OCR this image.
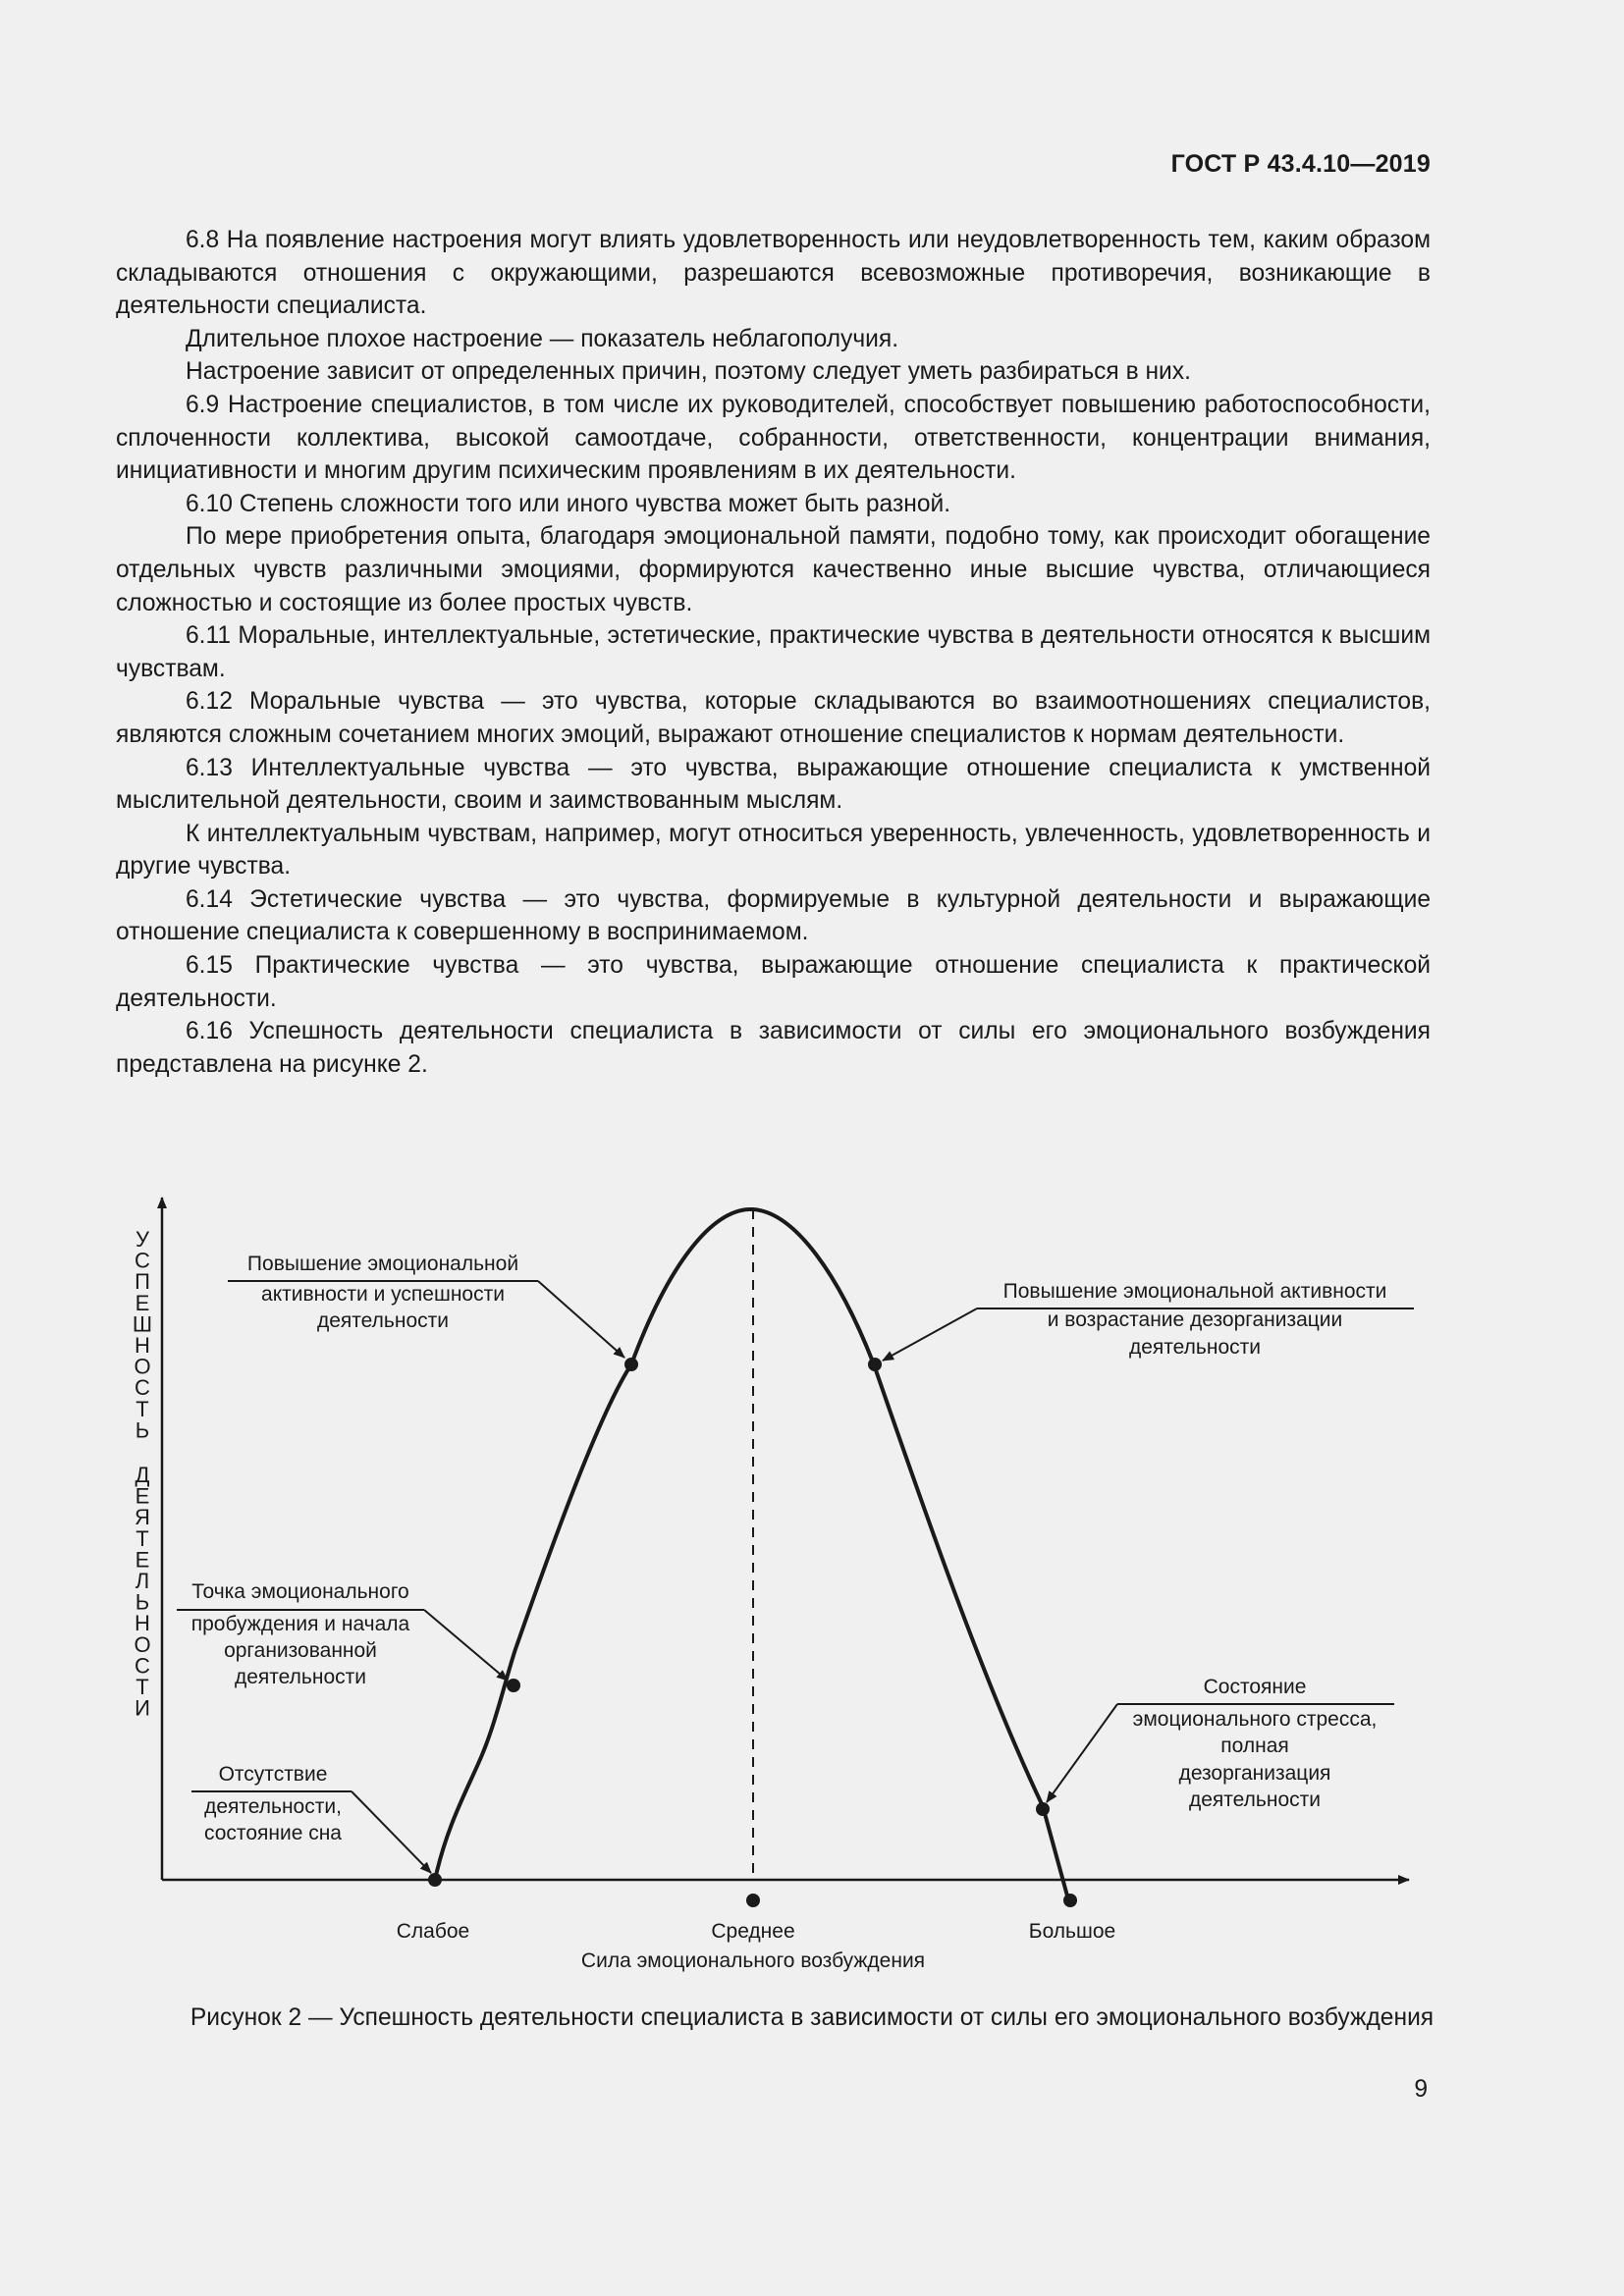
ГОСТ Р 43.4.10—2019

6.8 На появление настроения могут влиять удовлетворенность или неудовлетворенность тем, каким образом складываются отношения с окружающими, разрешаются всевозможные противоречия, возникающие в деятельности специалиста.

Длительное плохое настроение — показатель неблагополучия.

Настроение зависит от определенных причин, поэтому следует уметь разбираться в них.

6.9 Настроение специалистов, в том числе их руководителей, способствует повышению работоспособности, сплоченности коллектива, высокой самоотдаче, собранности, ответственности, концентрации внимания, инициативности и многим другим психическим проявлениям в их деятельности.

6.10 Степень сложности того или иного чувства может быть разной.

По мере приобретения опыта, благодаря эмоциональной памяти, подобно тому, как происходит обогащение отдельных чувств различными эмоциями, формируются качественно иные высшие чувства, отличающиеся сложностью и состоящие из более простых чувств.

6.11 Моральные, интеллектуальные, эстетические, практические чувства в деятельности относятся к высшим чувствам.

6.12 Моральные чувства — это чувства, которые складываются во взаимоотношениях специалистов, являются сложным сочетанием многих эмоций, выражают отношение специалистов к нормам деятельности.

6.13 Интеллектуальные чувства — это чувства, выражающие отношение специалиста к умственной мыслительной деятельности, своим и заимствованным мыслям.

К интеллектуальным чувствам, например, могут относиться уверенность, увлеченность, удовлетворенность и другие чувства.

6.14 Эстетические чувства — это чувства, формируемые в культурной деятельности и выражающие отношение специалиста к совершенному в воспринимаемом.

6.15 Практические чувства — это чувства, выражающие отношение специалиста к практической деятельности.

6.16 Успешность деятельности специалиста в зависимости от силы его эмоционального возбуждения представлена на рисунке 2.

У
С
П
Е
Ш
Н
О
С
Т
Ь
Д
Е
Я
Т
Е
Л
Ь
Н
О
С
Т
И
Повышение эмоциональной
активности и успешности
деятельности
Повышение эмоциональной активности
и возрастание дезорганизации
деятельности
Точка эмоционального
пробуждения и начала
организованной
деятельности
Отсутствие
деятельности,
состояние сна
Состояние
эмоционального стресса,
полная
дезорганизация
деятельности
Слабое	Среднее	Большое
Сила эмоционального возбуждения
Рисунок 2 — Успешность деятельности специалиста в зависимости от силы его эмоционального возбуждения
9
